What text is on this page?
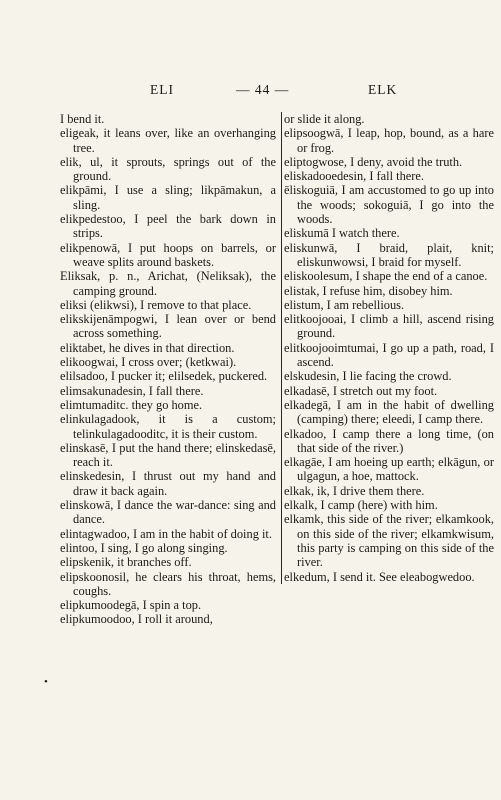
ELI	— 44 —	ELK

I bend it.

eligeak, it leans over, like an overhanging tree.

elik, ul, it sprouts, springs out of the ground.

elikpāmi, I use a sling; likpāmakun, a sling.

elikpedestoo, I peel the bark down in strips.

elikpenowā, I put hoops on barrels, or weave splits around baskets.

Eliksak, p. n., Arichat, (Neliksak), the camping ground.

eliksi (elikwsi), I remove to that place.

elikskijenāmpogwi, I lean over or bend across something.

eliktabet, he dives in that direction.

elikoogwai, I cross over; (ketkwai).

elilsadoo, I pucker it; elilsedek, puckered.

elimsakunadesin, I fall there.

elimtumaditc. they go home.

elinkulagadook, it is a custom; telinkulagadooditc, it is their custom.

elinskasē, I put the hand there; elinskedasē, reach it.

elinskedesin, I thrust out my hand and draw it back again.

elinskowā, I dance the war-dance: sing and dance.

elintagwadoo, I am in the habit of doing it.

elintoo, I sing, I go along singing.

elipskenik, it branches off.

elipskoonosil, he clears his throat, hems, coughs.

elipkumoodegā, I spin a top.

elipkumoodoo, I roll it around,

or slide it along.

elipsoogwā, I leap, hop, bound, as a hare or frog.

eliptogwose, I deny, avoid the truth.

eliskadooedesin, I fall there.

ēliskoguiā, I am accustomed to go up into the woods; sokoguiā, I go into the woods.

eliskumā I watch there.

eliskunwā, I braid, plait, knit; eliskunwowsi, I braid for myself.

eliskoolesum, I shape the end of a canoe.

elistak, I refuse him, disobey him.

elistum, I am rebellious.

elitkoojooai, I climb a hill, ascend rising ground.

elitkoojooimtumai, I go up a path, road, I ascend.

elskudesin, I lie facing the crowd.

elkadasē, I stretch out my foot.

elkadegā, I am in the habit of dwelling (camping) there; eleedi, I camp there.

elkadoo, I camp there a long time, (on that side of the river.)

elkagāe, I am hoeing up earth; elkāgun, or ulgagun, a hoe, mattock.

elkak, ik, I drive them there.

elkalk, I camp (here) with him.

elkamk, this side of the river; elkamkook, on this side of the river; elkamkwisum, this party is camping on this side of the river.

elkedum, I send it. See eleabogwedoo.

•
